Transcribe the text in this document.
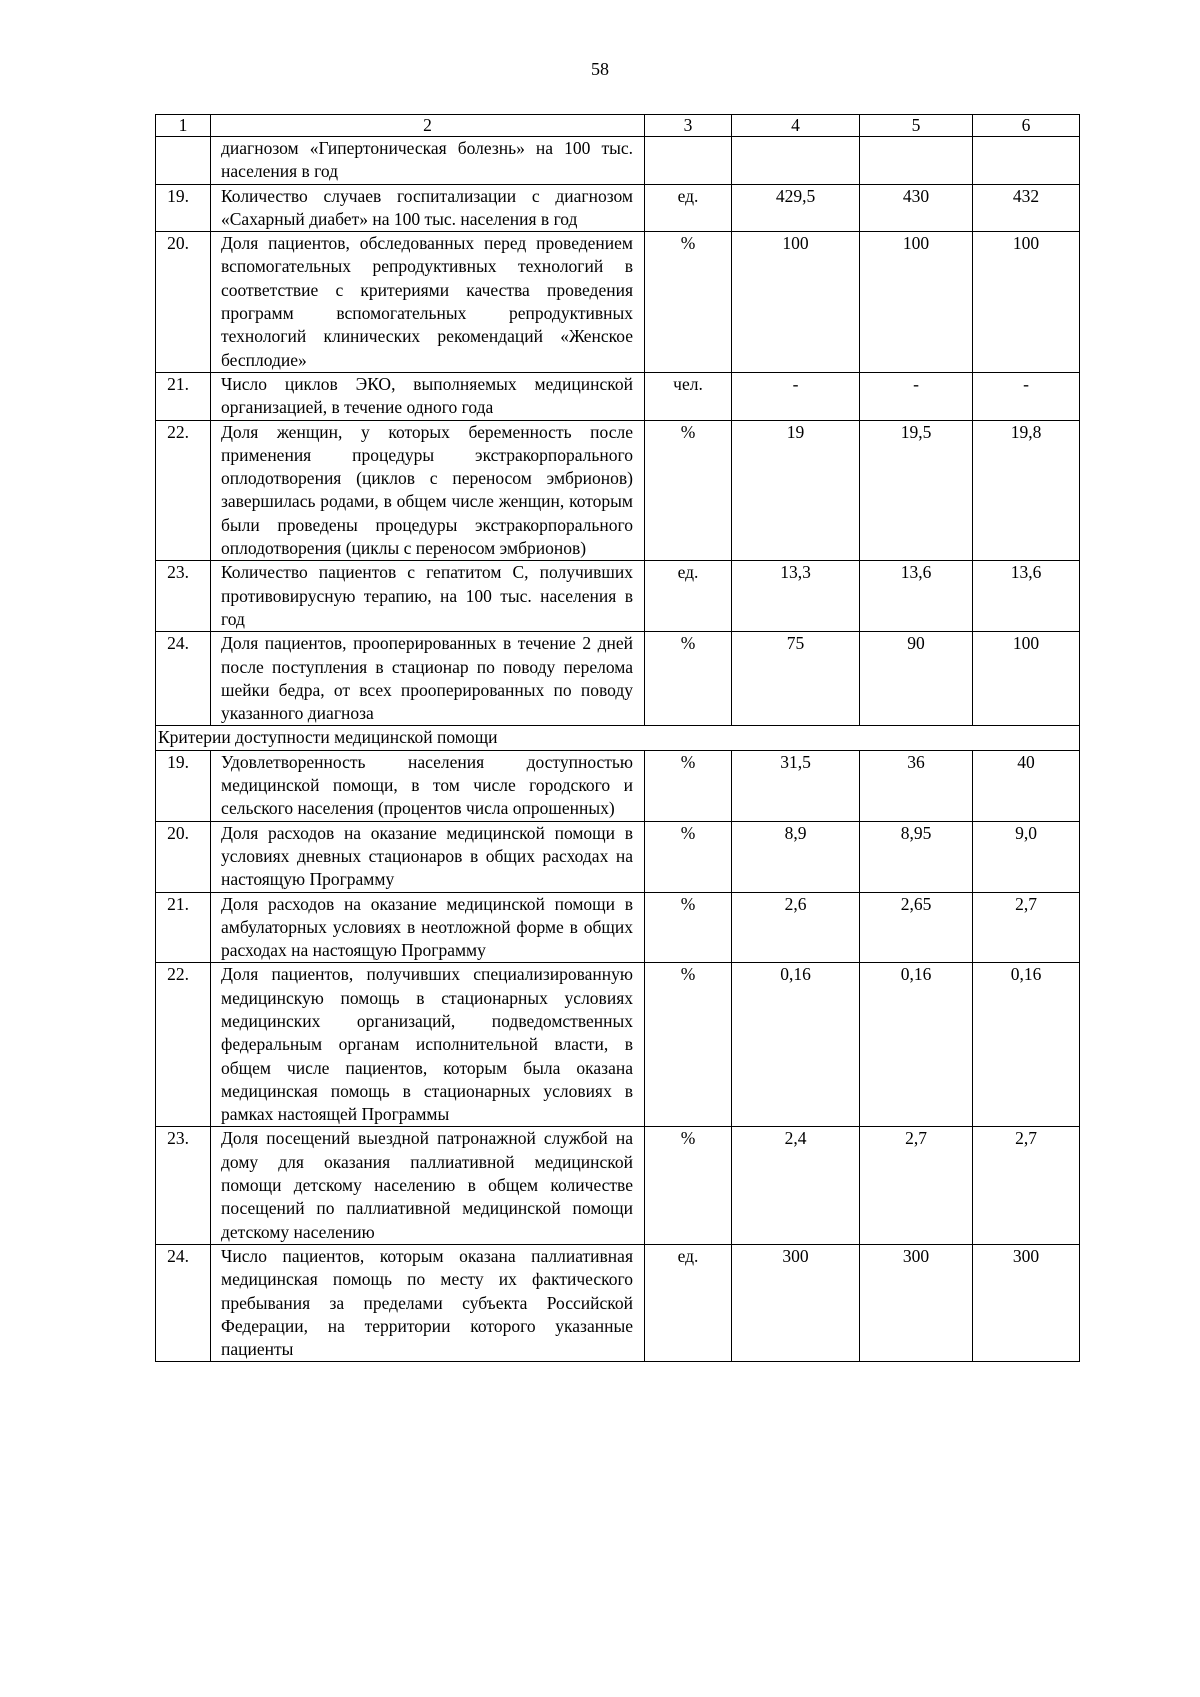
58
1	2	3	4	5	6
	диагнозом «Гипертоническая болезнь» на 100 тыс. населения в год				
19.	Количество случаев госпитализации с диагнозом «Сахарный диабет» на 100 тыс. населения в год	ед.	429,5	430	432
20.	Доля пациентов, обследованных перед проведением вспомогательных репродуктивных технологий в соответствие с критериями качества проведения программ вспомогательных репродуктивных технологий клинических рекомендаций «Женское бесплодие»	%	100	100	100
21.	Число циклов ЭКО, выполняемых медицинской организацией, в течение одного года	чел.	-	-	-
22.	Доля женщин, у которых беременность после применения процедуры экстракорпорального оплодотворения (циклов с переносом эмбрионов) завершилась родами, в общем числе женщин, которым были проведены процедуры экстракорпорального оплодотворения (циклы с переносом эмбрионов)	%	19	19,5	19,8
23.	Количество пациентов с гепатитом С, получивших противовирусную терапию, на 100 тыс. населения в год	ед.	13,3	13,6	13,6
24.	Доля пациентов, прооперированных в течение 2 дней после поступления в стационар по поводу перелома шейки бедра, от всех прооперированных по поводу указанного диагноза	%	75	90	100
Критерии доступности медицинской помощи					
19.	Удовлетворенность населения доступностью медицинской помощи, в том числе городского и сельского населения (процентов числа опрошенных)	%	31,5	36	40
20.	Доля расходов на оказание медицинской помощи в условиях дневных стационаров в общих расходах на настоящую Программу	%	8,9	8,95	9,0
21.	Доля расходов на оказание медицинской помощи в амбулаторных условиях в неотложной форме в общих расходах на настоящую Программу	%	2,6	2,65	2,7
22.	Доля пациентов, получивших специализированную медицинскую помощь в стационарных условиях медицинских организаций, подведомственных федеральным органам исполнительной власти, в общем числе пациентов, которым была оказана медицинская помощь в стационарных условиях в рамках настоящей Программы	%	0,16	0,16	0,16
23.	Доля посещений выездной патронажной службой на дому для оказания паллиативной медицинской помощи детскому населению в общем количестве посещений по паллиативной медицинской помощи детскому населению	%	2,4	2,7	2,7
24.	Число пациентов, которым оказана паллиативная медицинская помощь по месту их фактического пребывания за пределами субъекта Российской Федерации, на территории которого указанные пациенты	ед.	300	300	300
